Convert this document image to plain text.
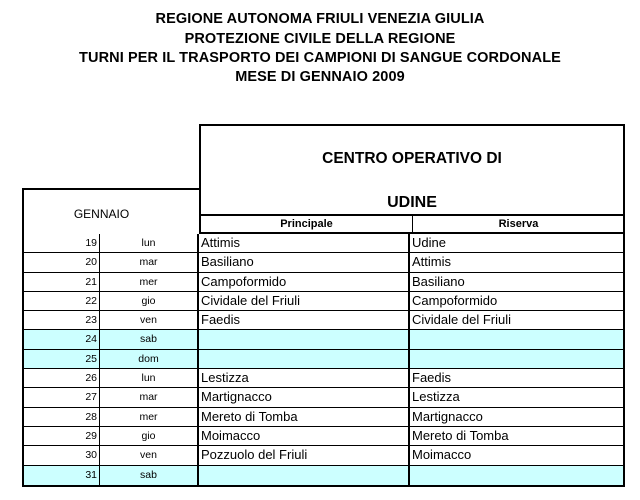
REGIONE AUTONOMA FRIULI VENEZIA GIULIA
PROTEZIONE CIVILE DELLA REGIONE
TURNI PER IL TRASPORTO DEI CAMPIONI DI SANGUE CORDONALE
MESE DI GENNAIO 2009
CENTRO OPERATIVO DI
UDINE
GENNAIO
Principale	Riserva
19	lun	Attimis	Udine
20	mar	Basiliano	Attimis
21	mer	Campoformido	Basiliano
22	gio	Cividale del Friuli	Campoformido
23	ven	Faedis	Cividale del Friuli
24	sab
25	dom
26	lun	Lestizza	Faedis
27	mar	Martignacco	Lestizza
28	mer	Mereto di Tomba	Martignacco
29	gio	Moimacco	Mereto di Tomba
30	ven	Pozzuolo del Friuli	Moimacco
31	sab
